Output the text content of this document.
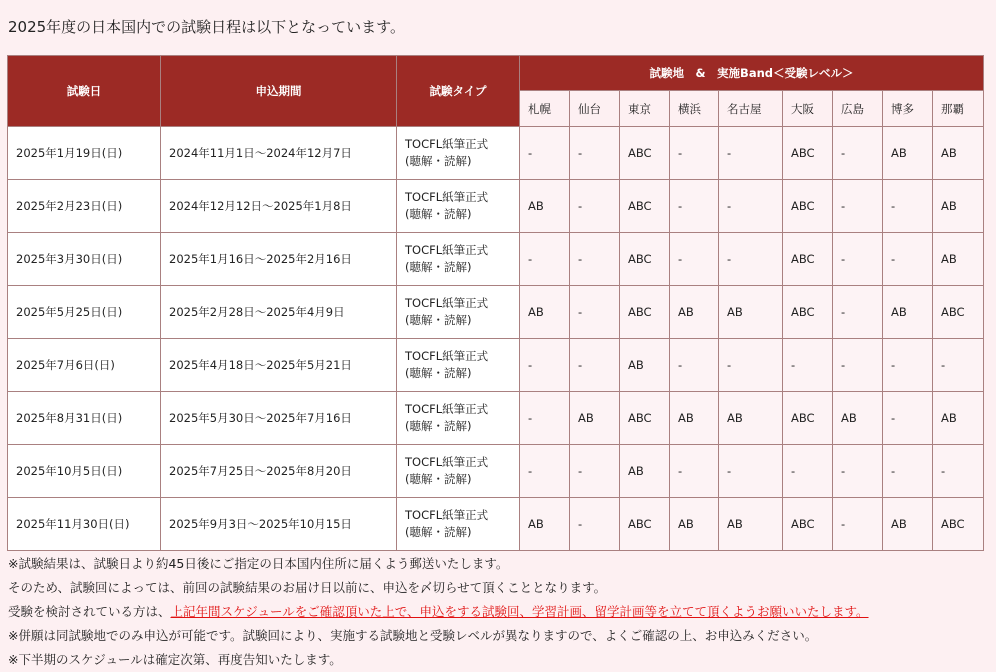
2025年度の日本国内での試験日程は以下となっています。
試験日	申込期間	試験タイプ	試験地　&　実施Band＜受験レベル＞								
			札幌	仙台	東京	横浜	名古屋	大阪	広島	博多	那覇
2025年1月19日(日)	2024年11月1日～2024年12月7日	TOCFL紙筆正式
(聴解・読解)	-	-	ABC	-	-	ABC	-	AB	AB
2025年2月23日(日)	2024年12月12日～2025年1月8日	TOCFL紙筆正式
(聴解・読解)	AB	-	ABC	-	-	ABC	-	-	AB
2025年3月30日(日)	2025年1月16日～2025年2月16日	TOCFL紙筆正式
(聴解・読解)	-	-	ABC	-	-	ABC	-	-	AB
2025年5月25日(日)	2025年2月28日～2025年4月9日	TOCFL紙筆正式
(聴解・読解)	AB	-	ABC	AB	AB	ABC	-	AB	ABC
2025年7月6日(日)	2025年4月18日～2025年5月21日	TOCFL紙筆正式
(聴解・読解)	-	-	AB	-	-	-	-	-	-
2025年8月31日(日)	2025年5月30日～2025年7月16日	TOCFL紙筆正式
(聴解・読解)	-	AB	ABC	AB	AB	ABC	AB	-	AB
2025年10月5日(日)	2025年7月25日～2025年8月20日	TOCFL紙筆正式
(聴解・読解)	-	-	AB	-	-	-	-	-	-
2025年11月30日(日)	2025年9月3日～2025年10月15日	TOCFL紙筆正式
(聴解・読解)	AB	-	ABC	AB	AB	ABC	-	AB	ABC
※試験結果は、試験日より約45日後にご指定の日本国内住所に届くよう郵送いたします。
そのため、試験回によっては、前回の試験結果のお届け日以前に、申込を〆切らせて頂くこととなります。
受験を検討されている方は、上記年間スケジュールをご確認頂いた上で、申込をする試験回、学習計画、留学計画等を立てて頂くようお願いいたします。
※併願は同試験地でのみ申込が可能です。試験回により、実施する試験地と受験レベルが異なりますので、よくご確認の上、お申込みください。
※下半期のスケジュールは確定次第、再度告知いたします。
